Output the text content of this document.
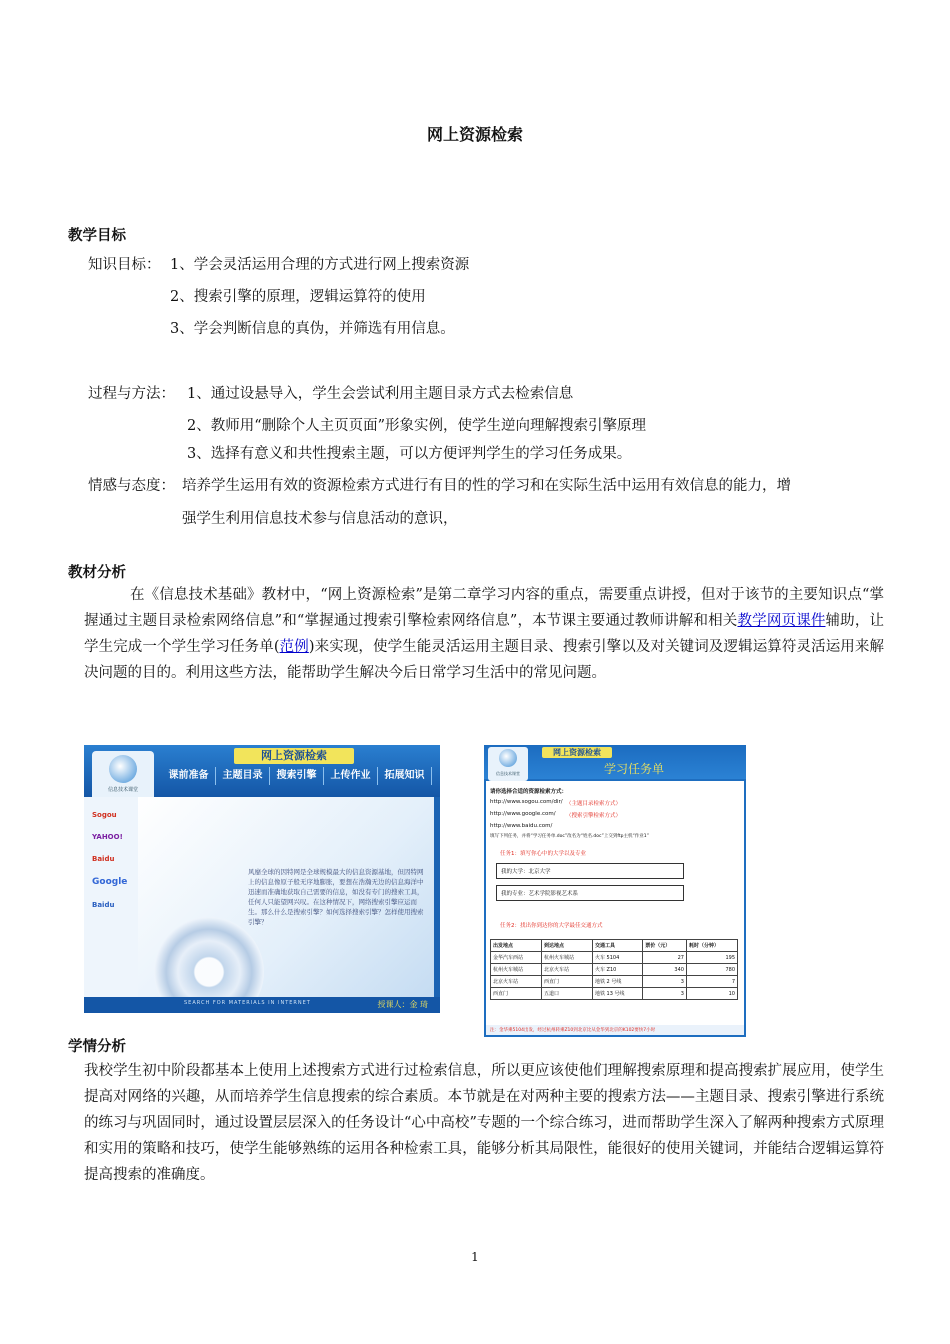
网上资源检索
教学目标
知识目标： 1、学会灵活运用合理的方式进行网上搜索资源
2、搜索引擎的原理，逻辑运算符的使用
3、学会判断信息的真伪，并筛选有用信息。
过程与方法： 1、通过设悬导入，学生会尝试利用主题目录方式去检索信息
2、教师用“删除个人主页页面”形象实例，使学生逆向理解搜索引擎原理
3、选择有意义和共性搜索主题，可以方便评判学生的学习任务成果。
情感与态度： 培养学生运用有效的资源检索方式进行有目的性的学习和在实际生活中运用有效信息的能力，增
强学生利用信息技术参与信息活动的意识，
教材分析
在《信息技术基础》教材中，“网上资源检索”是第二章学习内容的重点，需要重点讲授，但对于该节的主要知识点“掌握通过主题目录检索网络信息”和“掌握通过搜索引擎检索网络信息”，本节课主要通过教师讲解和相关教学网页课件辅助，让学生完成一个学生学习任务单(范例)来实现，使学生能灵活运用主题目录、搜索引擎以及对关键词及逻辑运算符灵活运用来解决问题的目的。利用这些方法，能帮助学生解决今后日常学习生活中的常见问题。
信息技术课堂
网上资源检索
课前准备	主题目录	搜索引擎	上传作业	拓展知识
Sogou
YAHOO!
Baidu
Google
Baidu
风靡全球的因特网是全球规模最大的信息资源基地，但因特网上的信息像原子般无序地膨胀，要想在浩瀚无边的信息海洋中迅速而准确地获取自己需要的信息，如没有专门的搜索工具，任何人只能望网兴叹。在这种情况下，网络搜索引擎应运而生。那么什么是搜索引擎？如何选择搜索引擎？怎样使用搜索引擎？
SEARCH FOR MATERIALS IN INTERNET	授课人：金 琦
信息技术课堂
网上资源检索
学习任务单
请你选择合适的资源检索方式：
http://www.sogou.com/dir/ （主题目录检索方式）
http://www.google.com/ （搜索引擎检索方式）
http://www.baidu.com/
填写下列任务，并将“学习任务单.doc”改名为“姓名.doc”上交到ftp主机“作业1”
任务1：填写你心中的大学以及专业
我的大学：北京大学
我的专业：艺术学院影视艺术系
任务2：找出你到达你的大学最佳交通方式
出发地点	到达地点	交通工具	票价（元）	耗时（分钟）
金华汽车西站	杭州火车城站	火车 5104	27	195
杭州火车城站	北京火车站	火车 Z10	340	780
北京火车站	西直门	地铁 2 号线	3	7
西直门	五道口	地铁 13 号线	3	10
注：金华乘5104出发，经过杭州转乘Z10到北京比从金华到北京的K102要快7小时
学情分析
我校学生初中阶段都基本上使用上述搜索方式进行过检索信息，所以更应该使他们理解搜索原理和提高搜索扩展应用，使学生提高对网络的兴趣，从而培养学生信息搜索的综合素质。本节就是在对两种主要的搜索方法——主题目录、搜索引擎进行系统的练习与巩固同时，通过设置层层深入的任务设计“心中高校”专题的一个综合练习，进而帮助学生深入了解两种搜索方式原理和实用的策略和技巧，使学生能够熟练的运用各种检索工具，能够分析其局限性，能很好的使用关键词，并能结合逻辑运算符提高搜索的准确度。
1
